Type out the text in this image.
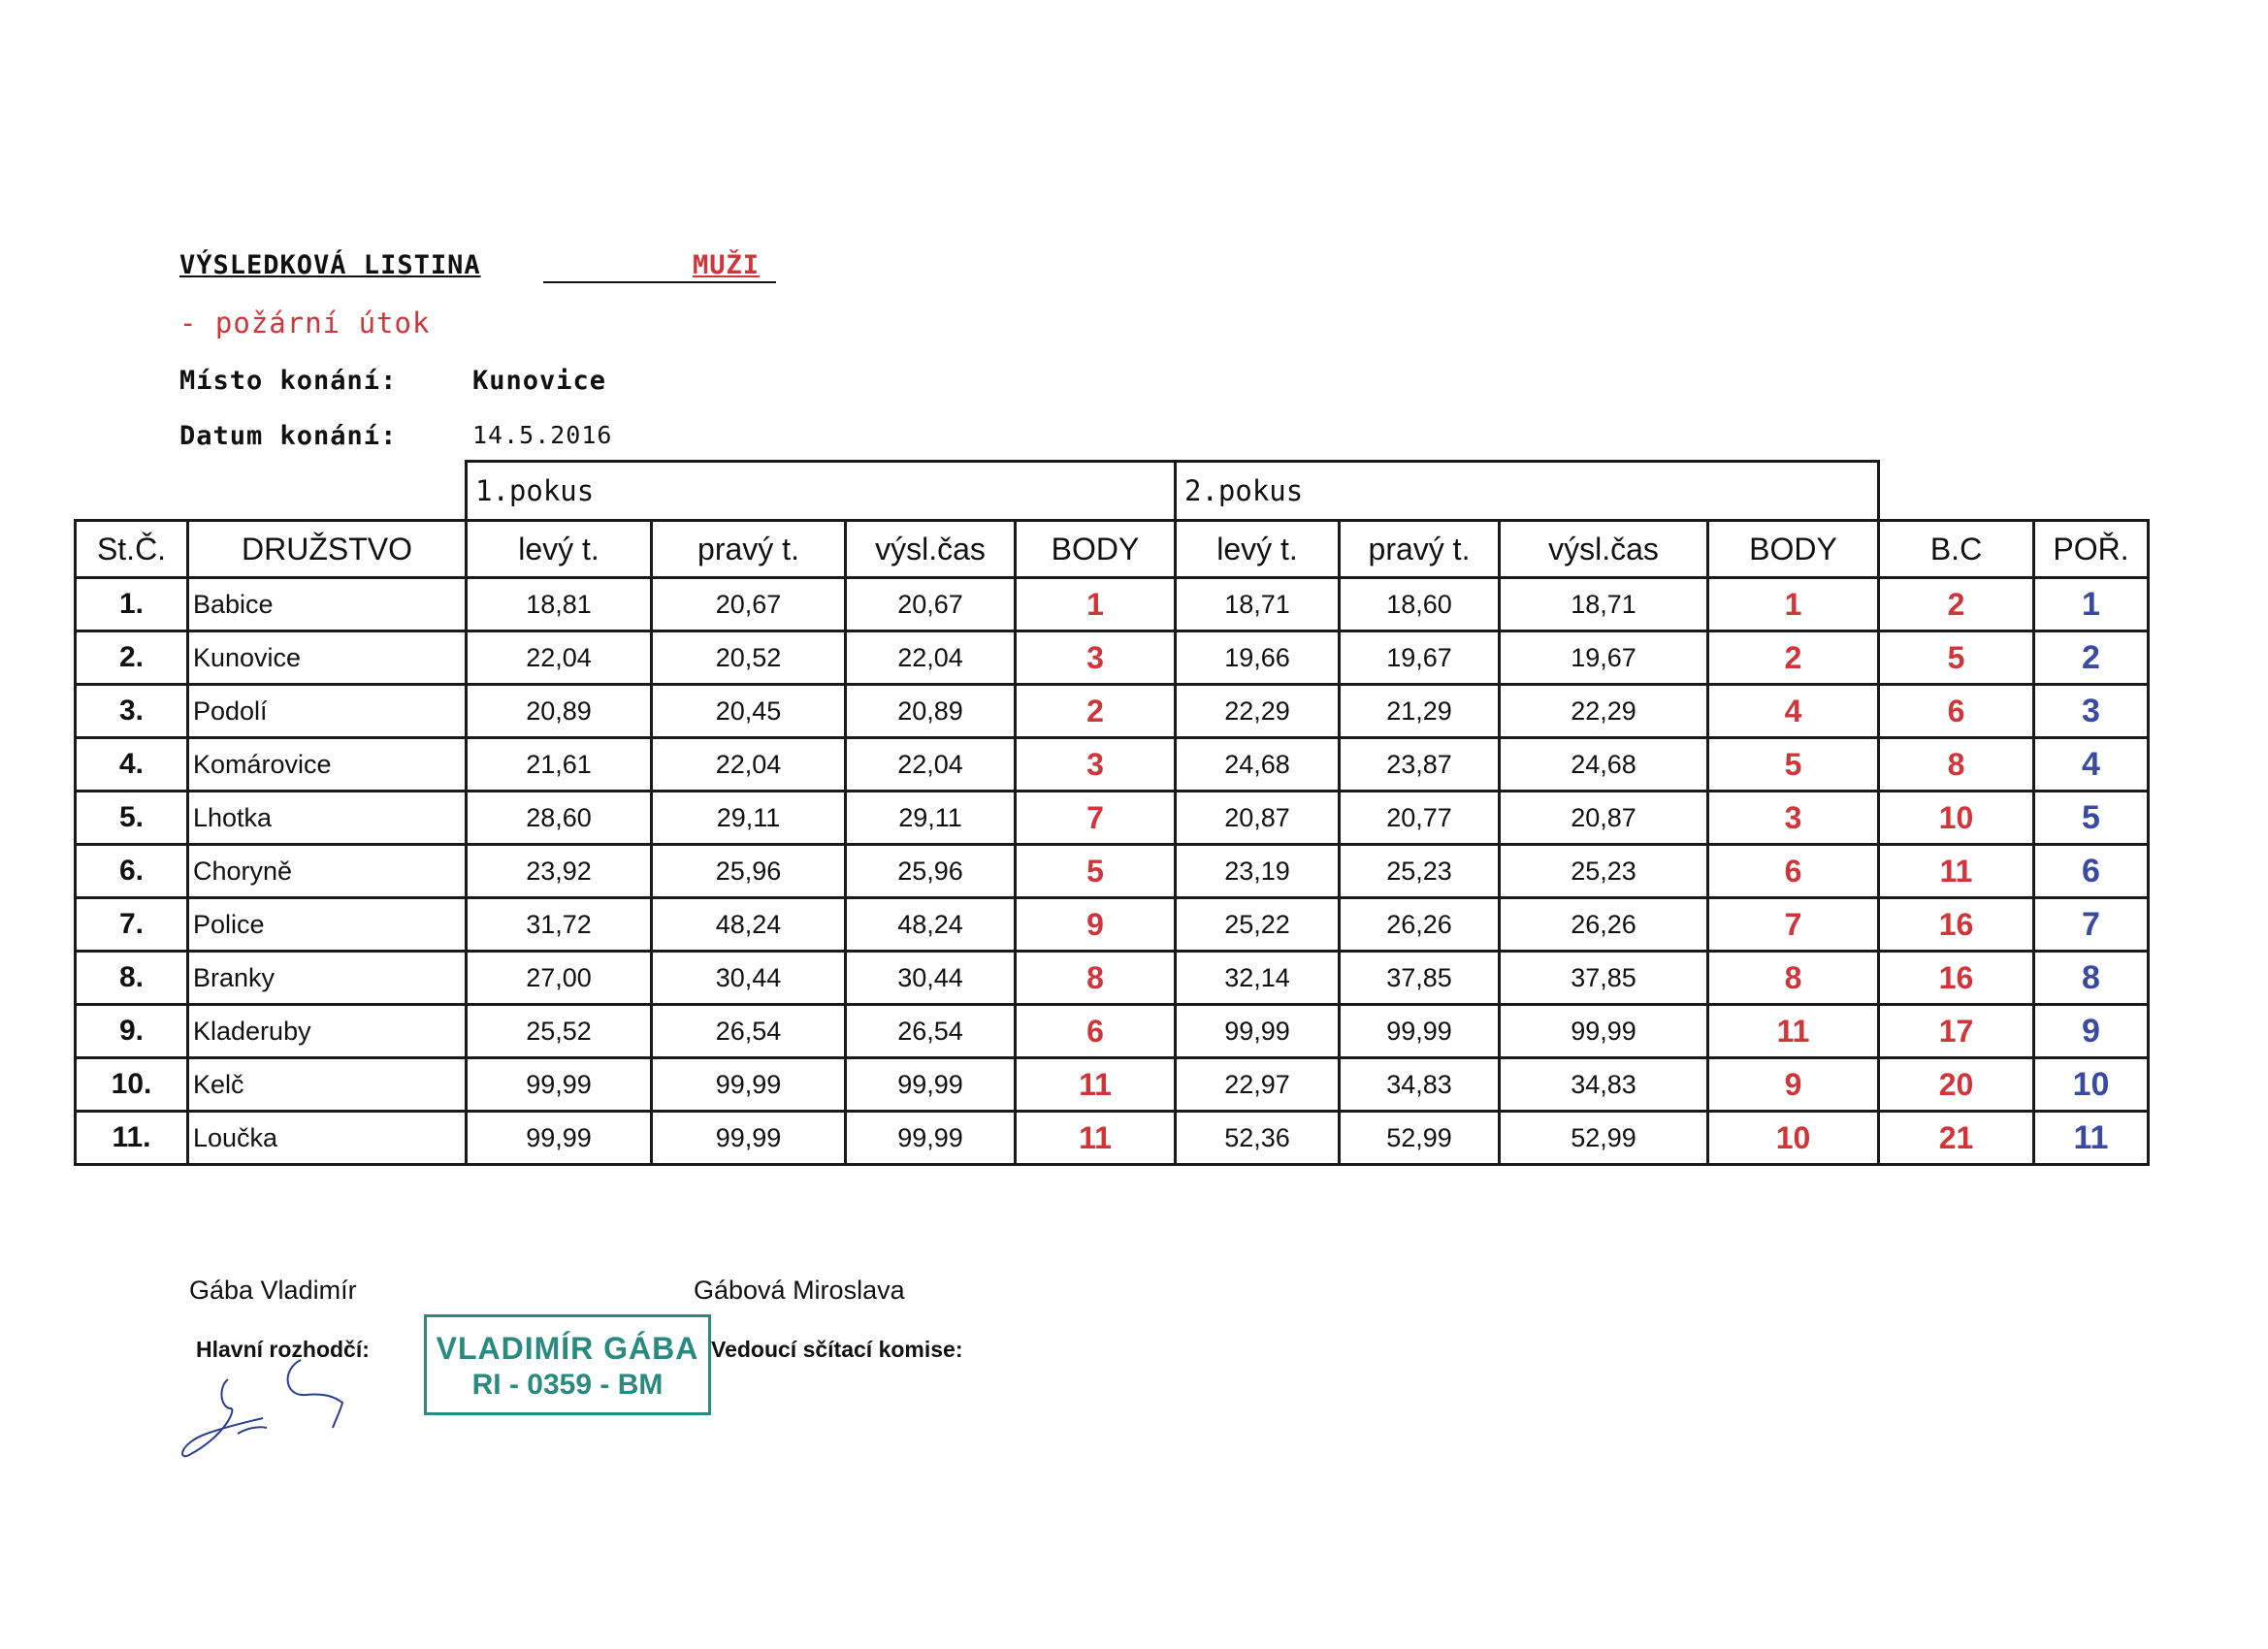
VÝSLEDKOVÁ LISTINA	MUŽI
- požární útok
Místo konání:	Kunovice
Datum konání:	14.5.2016
		1.pokus				2.pokus					
St.Č.	DRUŽSTVO	levý t.	pravý t.	výsl.čas	BODY	levý t.	pravý t.	výsl.čas	BODY	B.C	POŘ.
1.	Babice	18,81	20,67	20,67	1	18,71	18,60	18,71	1	2	1
2.	Kunovice	22,04	20,52	22,04	3	19,66	19,67	19,67	2	5	2
3.	Podolí	20,89	20,45	20,89	2	22,29	21,29	22,29	4	6	3
4.	Komárovice	21,61	22,04	22,04	3	24,68	23,87	24,68	5	8	4
5.	Lhotka	28,60	29,11	29,11	7	20,87	20,77	20,87	3	10	5
6.	Choryně	23,92	25,96	25,96	5	23,19	25,23	25,23	6	11	6
7.	Police	31,72	48,24	48,24	9	25,22	26,26	26,26	7	16	7
8.	Branky	27,00	30,44	30,44	8	32,14	37,85	37,85	8	16	8
9.	Kladeruby	25,52	26,54	26,54	6	99,99	99,99	99,99	11	17	9
10.	Kelč	99,99	99,99	99,99	11	22,97	34,83	34,83	9	20	10
11.	Loučka	99,99	99,99	99,99	11	52,36	52,99	52,99	10	21	11
Gába Vladimír
Hlavní rozhodčí:
Gábová Miroslava
Vedoucí sčítací komise:
VLADIMÍR GÁBA
RI - 0359 - BM
